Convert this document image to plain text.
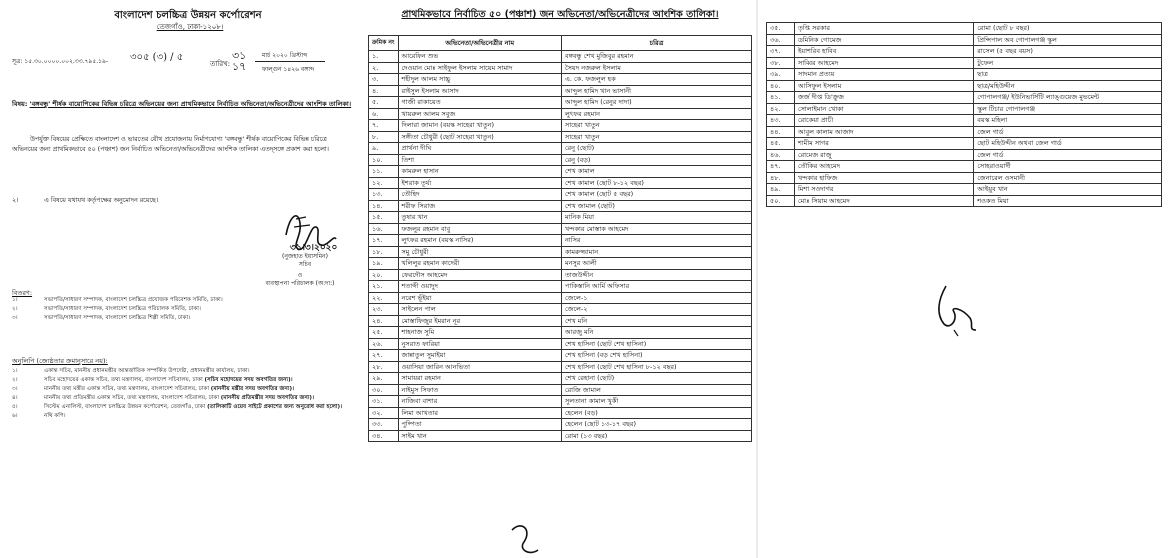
বাংলাদেশ চলচ্চিত্র উন্নয়ন কর্পোরেশন
তেজগাঁও, ঢাকা-১২০৮।
সূত্র: ১৫.৩০.০০০০.০০২.৩৩.৭৯৫.১৯- ৩০৫ (৩) / ৫
তারিখ:
৩১
১৭
মার্চ ২০২০ খ্রিস্টাব্দ
ফাল্গুন ১৪২৬ বঙ্গাব্দ
বিষয়: 'বঙ্গবন্ধু' শীর্ষক বায়োপিকের বিভিন্ন চরিত্রে অভিনয়ের জন্য প্রাথমিকভাবে নির্বাচিত অভিনেতা/অভিনেত্রীদের আংশিক তালিকা।
উপর্যুক্ত বিষয়ের প্রেক্ষিতে বাংলাদেশ ও ভারতের যৌথ প্রযোজনায় নির্মাণযোগ্য 'বঙ্গবন্ধু' শীর্ষক বায়োপিকের বিভিন্ন চরিত্রে অভিনয়ের জন্য প্রাথমিকভাবে ৫০ (পঞ্চাশ) জন নির্বাচিত অভিনেতা/অভিনেত্রীদের আংশিক তালিকা এতদ্‌সঙ্গে প্রকাশ করা হলো।
২।	এ বিষয়ে যথাযথ কর্তৃপক্ষের অনুমোদন রয়েছে।
৩১।৩।২০২০
(নুজহাত ইয়াসমিন)
সচিব
ও
ব্যবস্থাপনা পরিচালক (অ:দা:)
বিতরণ:
১।	সভাপতি/সাধারণ সম্পাদক, বাংলাদেশ চলচ্চিত্র প্রযোজক পরিবেশক সমিতি, ঢাকা।
২।	সভাপতি/সাধারণ সম্পাদক, বাংলাদেশ চলচ্চিত্র পরিচালক সমিতি, ঢাকা।
৩।	সভাপতি/সাধারণ সম্পাদক, বাংলাদেশ চলচ্চিত্র শিল্পী সমিতি, ঢাকা।
অনুলিপি (জ্যেষ্ঠতার ক্রমানুসারে নয়):
১।	একান্ত সচিব, মাননীয় প্রধানমন্ত্রীর আন্তর্জাতিক সম্পর্কিত উপদেষ্টা, প্রধানমন্ত্রীর কার্যালয়, ঢাকা।
২।	সচিব মহোদয়ের একান্ত সচিব, তথ্য মন্ত্রণালয়, বাংলাদেশ সচিবালয়, ঢাকা (সচিব মহোদয়ের সদয় অবগতির জন্য)।
৩।	মাননীয় তথ্য মন্ত্রীর একান্ত সচিব, তথ্য মন্ত্রণালয়, বাংলাদেশ সচিবালয়, ঢাকা (মাননীয় মন্ত্রীর সদয় অবগতির জন্য)।
৪।	মাননীয় তথ্য প্রতিমন্ত্রীর একান্ত সচিব, তথ্য মন্ত্রণালয়, বাংলাদেশ সচিবালয়, ঢাকা (মাননীয় প্রতিমন্ত্রীর সদয় অবগতির জন্য)।
৫।	সিস্টেম এনালিস্ট, বাংলাদেশ চলচ্চিত্র উন্নয়ন কর্পোরেশন, তেজগাঁও, ঢাকা (তালিকাটি ওয়েব সাইটে প্রকাশের জন্য অনুরোধ করা হলো)।
৬।	নথি কপি।
প্রাথমিকভাবে নির্বাচিত ৫০ (পঞ্চাশ) জন অভিনেতা/অভিনেত্রীদের আংশিক তালিকা।
ক্রমিক নং	অভিনেতা/অভিনেত্রীর নাম	চরিত্র
১.	আরেফিন শুভ	বঙ্গবন্ধু শেখ মুজিবুর রহমান
২.	দেওয়ান মোঃ সাইফুল ইসলাম সায়েম সামাদ	সৈয়দ নজরুল ইসলাম
৩.	শহীদুল আলম সাচ্চু	এ. কে. ফজলুল হক
৪.	রাইসুল ইসলাম আসাদ	আব্দুল হামিদ খান ভাসানী
৫.	গাজী রাকায়েত	আব্দুল হামিদ (রেনুর দাদা)
৬.	খায়রুল আলম সবুজ	লুৎফর রহমান
৭.	দিলারা জামান (বয়স্ক সাহেরা খাতুন)	সাহেরা খাতুন
৮.	সঙ্গীতা চৌধুরী (ছোট সাহেরা খাতুন)	সাহেরা খাতুন
৯.	প্রার্থনা দীঘি	রেনু (ছোট)
১০.	তিশা	রেনু (বড়)
১১.	কামরুল হাসান	শেখ কামাল
১২.	ইশরাক তূর্য্য	শেখ কামাল (ছোট ৮-১২ বছর)
১৩.	তৌহিদ	শেখ কামাল (ছোট ৫ বছর)
১৪.	শরীফ সিরাজ	শেখ জামাল (ছোট)
১৫.	তুষার খান	মানিক মিয়া
১৬.	ফজলুর রহমান বাবু	খন্দকার মোস্তাক আহমেদ
১৭.	লুৎফর রহমান (বয়স্ক নাসির)	নাসির
১৮.	সমু চৌধুরী	কামরুজ্জামান
১৯.	খলিলুর রহমান কাদেরী	মনসুর আলী
২০.	ফেরদৌস আহমেদ	তাজউদ্দীন
২১.	শতাব্দী ওয়াদুদ	পাকিস্তানি আর্মি অফিসার
২২.	নরেশ ভূঁইয়া	জেলে-১
২৩.	সাইলেন পাল	জেলে-২
২৪.	মোস্তাফিজুর ইমরান নূর	শেখ মনি
২৫.	শাহনাজ সুমি	আরজু মনি
২৬.	নুসরাত ফারিয়া	শেখ হাসিনা (ছোট শেখ হাসিনা)
২৭.	জান্নাতুল সুমাইয়া	শেখ হাসিনা (বড় শেখ হাসিনা)
২৮.	ওয়াসিয়া জারিন আনভিতা	শেখ হাসিনা (ছোট শেখ হাসিনা ৮-১২ বছর)
২৯.	সামায়রা রহমান	শেখ রেহানা (ছোট)
৩০.	নাইমুস সিফাত	রোজি জামাল
৩১.	নাজিবা বাশার	সুলতানা কামাল খুকী
৩২.	লিমা আখতার	হেলেন (বড়)
৩৩.	পুষ্পিতা	হেলেন (ছোট ১৩-১৭ বছর)
৩৪.	সাইম খান	রোমা (১৩ বছর)
৩৫.	তৃপ্তি সরকার	রোমা (ছোট ৮ বছর)
৩৬.	ডমিনিক গোমেজ	প্রিন্সিপাল অব গোপালগঞ্জ স্কুল
৩৭.	ইয়াশরিব হাবিব	রাসেল (৫ বছর বয়স)
৩৮.	সাব্বির আহমেদ	টুফেল
৩৯.	সাদমান প্রত্যয়	ছাত্র
৪০.	আসিফুল ইসলাম	ছাত্র/মহিউদ্দীন
৪১.	জর্জ দীপ্ত ডি'ক্রুজ	গোপালগঞ্জ/ ইউনিভার্সিটি ল্যাঙ্গুয়েজ মুভমেন্ট
৪২.	সোলাইমান খোকা	স্কুল টিচার গোপালগঞ্জ
৪৩.	রোকেয়া প্রাচী	বয়স্ক মহিলা
৪৪.	আবুল কালাম আজাদ	জেল গার্ড
৪৫.	শামীম সাগর	ছোট মহিউদ্দীন অথবা জেল গার্ড
৪৬.	রোমেজ রাজু	জেল গার্ড
৪৭.	তৌকির আহমেদ	সোহরাওয়ার্দী
৪৮.	খন্দকার হাফিজ	জেনারেল ওসমানী
৪৯.	মিশা সওদাগর	আইয়ুব খান
৫০.	মোঃ সিয়াম আহমেদ	শওকত মিয়া
